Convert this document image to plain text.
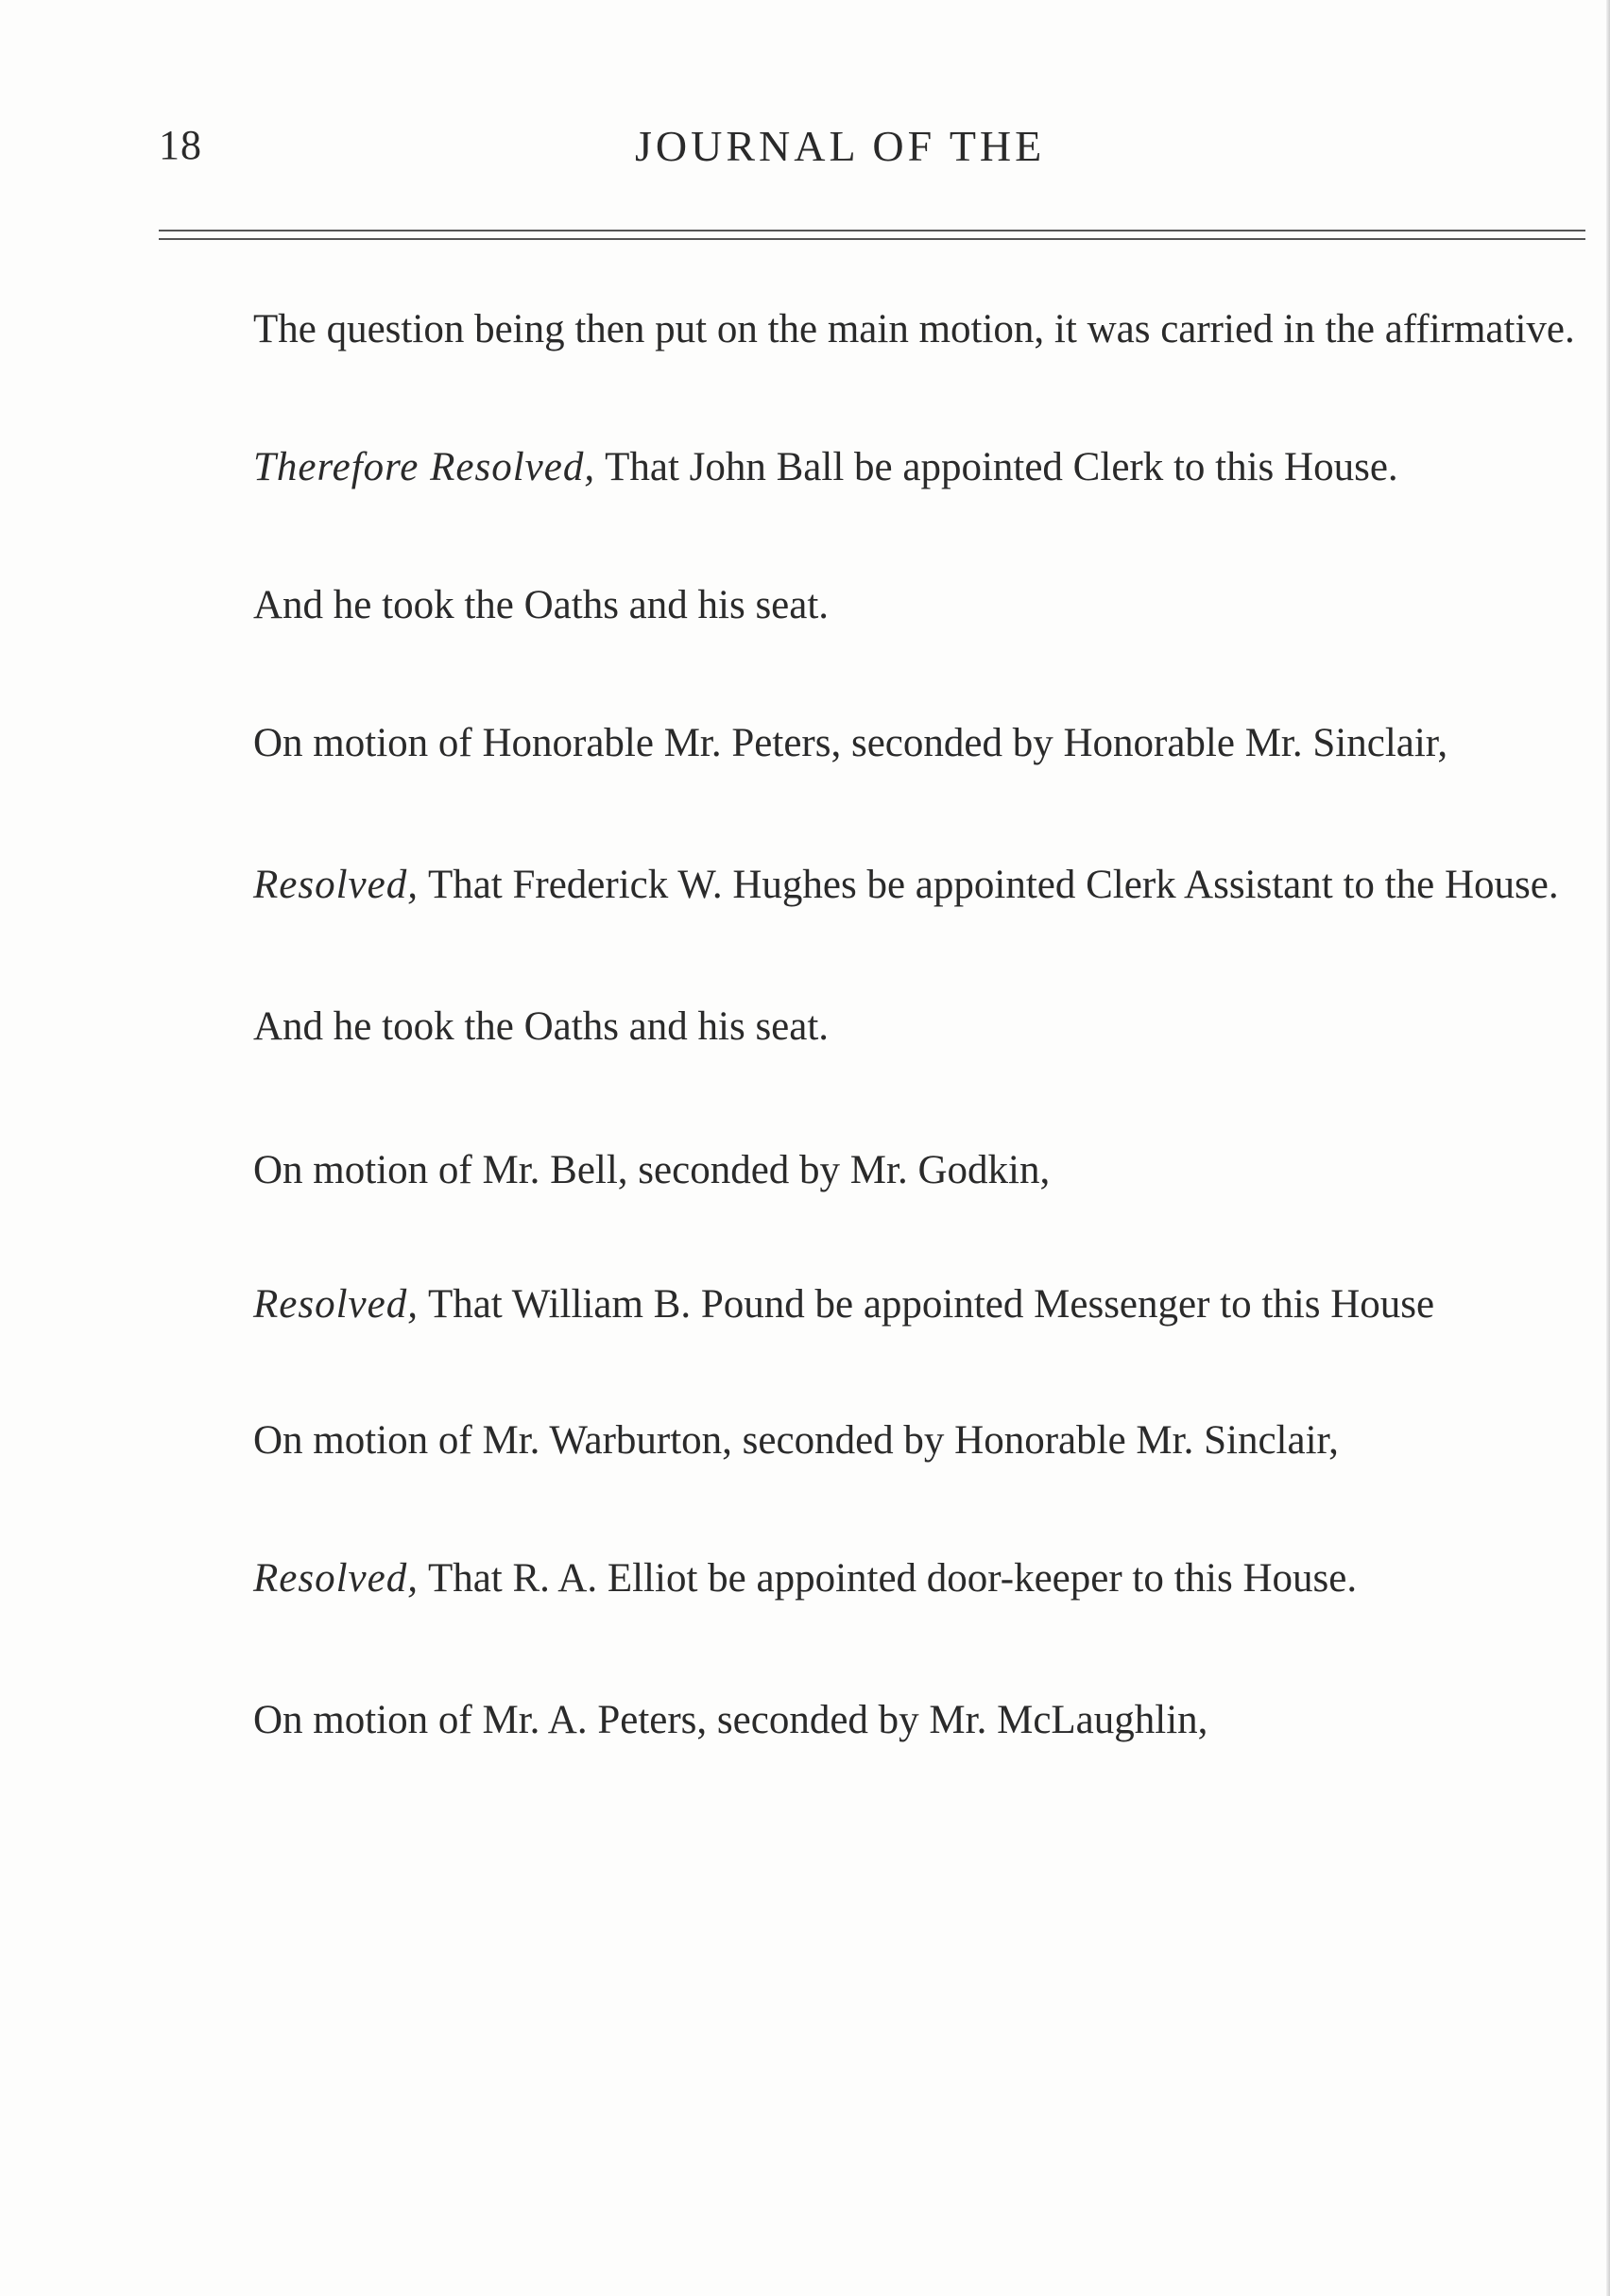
18	JOURNAL OF THE

The question being then put on the main motion, it was carried in the affirmative.

Therefore Resolved, That John Ball be appointed Clerk to this House.

And he took the Oaths and his seat.

On motion of Honorable Mr. Peters, seconded by Honorable Mr. Sinclair,

Resolved, That Frederick W. Hughes be appointed Clerk Assistant to the House.

And he took the Oaths and his seat.

On motion of Mr. Bell, seconded by Mr. Godkin,

Resolved, That William B. Pound be appointed Messenger to this House

On motion of Mr. Warburton, seconded by Honorable Mr. Sinclair,

Resolved, That R. A. Elliot be appointed door-keeper to this House.

On motion of Mr. A. Peters, seconded by Mr. McLaughlin,
